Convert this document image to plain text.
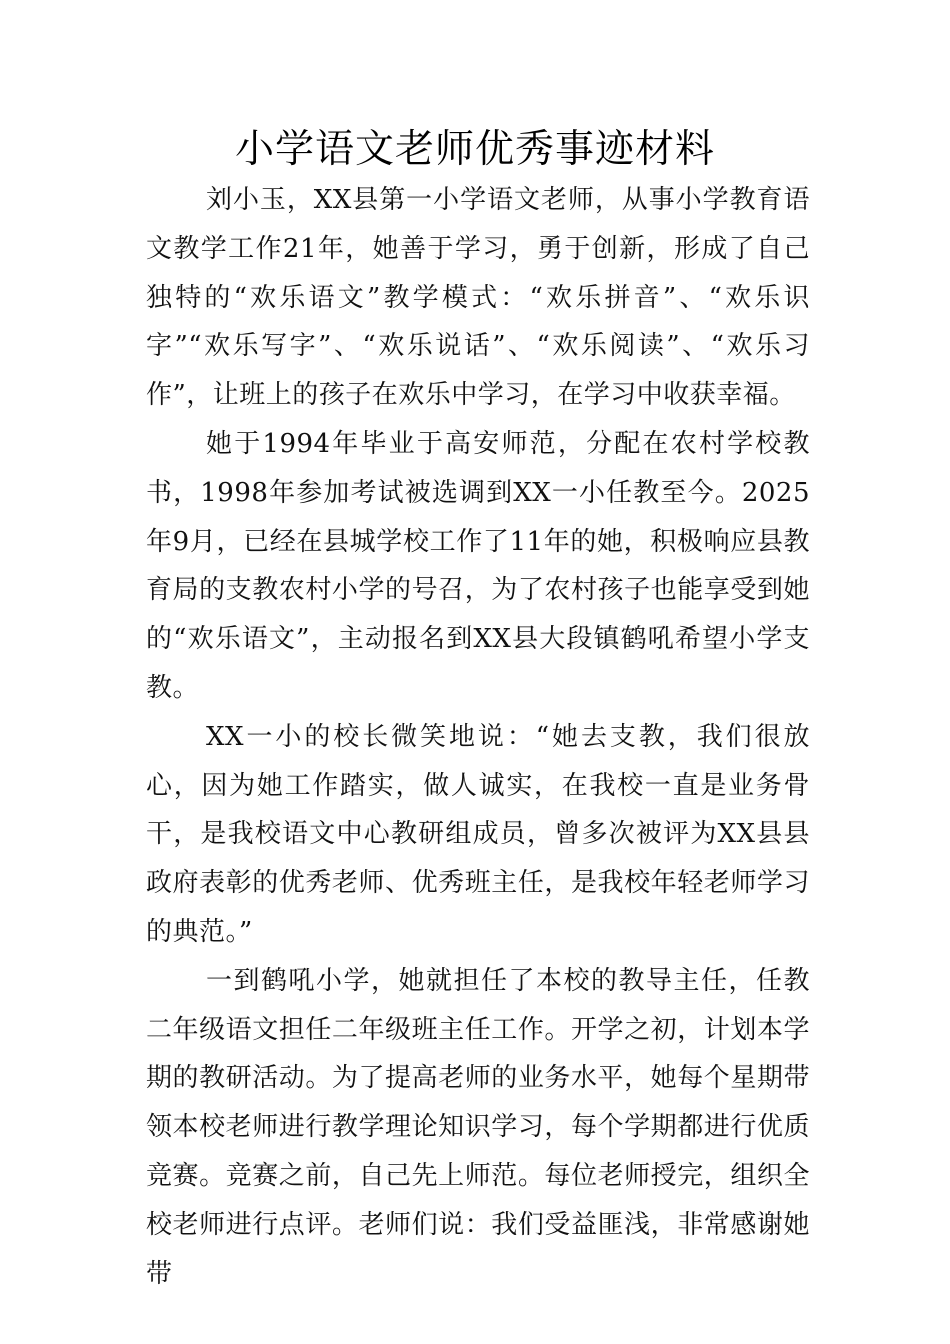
小学语文老师优秀事迹材料

刘小玉，XX县第一小学语文老师，从事小学教育语文教学工作21年，她善于学习，勇于创新，形成了自己独特的“欢乐语文”教学模式：“欢乐拼音”、“欢乐识字”“欢乐写字”、“欢乐说话”、“欢乐阅读”、“欢乐习作”，让班上的孩子在欢乐中学习，在学习中收获幸福。

她于1994年毕业于高安师范，分配在农村学校教书，1998年参加考试被选调到XX一小任教至今。2025年9月，已经在县城学校工作了11年的她，积极响应县教育局的支教农村小学的号召，为了农村孩子也能享受到她的“欢乐语文”，主动报名到XX县大段镇鹤吼希望小学支教。

XX一小的校长微笑地说：“她去支教，我们很放心，因为她工作踏实，做人诚实，在我校一直是业务骨干，是我校语文中心教研组成员，曾多次被评为XX县县政府表彰的优秀老师、优秀班主任，是我校年轻老师学习的典范。”

一到鹤吼小学，她就担任了本校的教导主任，任教二年级语文担任二年级班主任工作。开学之初，计划本学期的教研活动。为了提高老师的业务水平，她每个星期带领本校老师进行教学理论知识学习，每个学期都进行优质竞赛。竞赛之前，自己先上师范。每位老师授完，组织全校老师进行点评。老师们说：我们受益匪浅，非常感谢她带
